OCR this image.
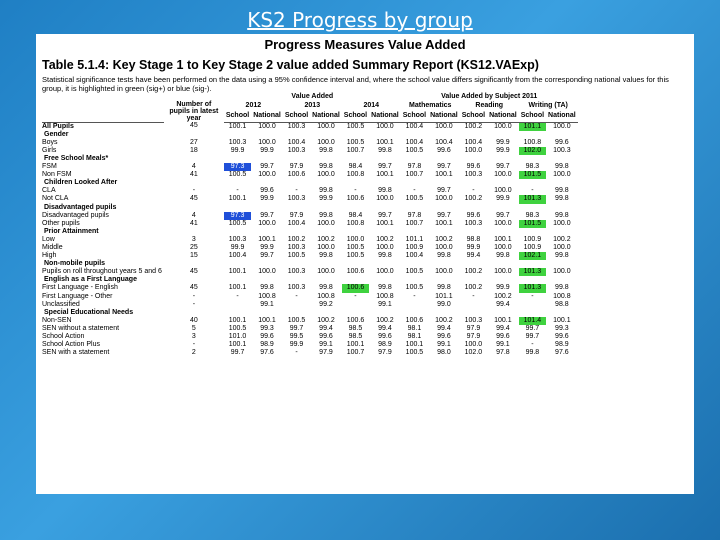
KS2 Progress by group
Progress Measures Value Added
Table 5.1.4: Key Stage 1 to Key Stage 2 value added Summary Report (KS12.VAExp)
Statistical significance tests have been performed on the data using a 95% confidence interval and, where the school value differs significantly from the corresponding national values for this group, it is highlighted in green (sig+) or blue (sig-).
		Value Added						Value Added by Subject 2011					
	Number of pupils in latest year	2012		2013		2014		Mathematics		Reading		Writing (TA)	
		School	National	School	National	School	National	School	National	School	National	School	National
All Pupils	45	100.1	100.0	100.3	100.0	100.5	100.0	100.4	100.0	100.2	100.0	101.1	100.0
Gender													
Boys	27	100.3	100.0	100.4	100.0	100.5	100.1	100.4	100.4	100.4	99.9	100.8	99.6
Girls	18	99.9	99.9	100.3	99.8	100.7	99.8	100.5	99.6	100.0	99.9	102.0	100.3
Free School Meals*													
FSM	4	97.3	99.7	97.9	99.8	98.4	99.7	97.8	99.7	99.6	99.7	98.3	99.8
Non FSM	41	100.5	100.0	100.6	100.0	100.8	100.1	100.7	100.1	100.3	100.0	101.5	100.0
Children Looked After													
CLA	-	-	99.6	-	99.8	-	99.8	-	99.7	-	100.0	-	99.8
Not CLA	45	100.1	99.9	100.3	99.9	100.6	100.0	100.5	100.0	100.2	99.9	101.3	99.8
Disadvantaged pupils													
Disadvantaged pupils	4	97.3	99.7	97.9	99.8	98.4	99.7	97.8	99.7	99.6	99.7	98.3	99.8
Other pupils	41	100.5	100.0	100.4	100.0	100.8	100.1	100.7	100.1	100.3	100.0	101.5	100.0
Prior Attainment													
Low	3	100.3	100.1	100.2	100.2	100.0	100.2	101.1	100.2	98.8	100.1	100.9	100.2
Middle	25	99.9	99.9	100.3	100.0	100.5	100.0	100.9	100.0	99.9	100.0	100.9	100.0
High	15	100.4	99.7	100.5	99.8	100.5	99.8	100.4	99.8	99.4	99.8	102.1	99.8
Non-mobile pupils													
Pupils on roll throughout years 5 and 6	45	100.1	100.0	100.3	100.0	100.6	100.0	100.5	100.0	100.2	100.0	101.3	100.0
English as a First Language													
First Language - English	45	100.1	99.8	100.3	99.8	100.6	99.8	100.5	99.8	100.2	99.9	101.3	99.8
First Language - Other	-	-	100.8	-	100.8	-	100.8	-	101.1	-	100.2	-	100.8
Unclassified	-		99.1		99.2		99.1		99.0		99.4		98.8
Special Educational Needs													
Non-SEN	40	100.1	100.1	100.5	100.2	100.6	100.2	100.6	100.2	100.3	100.1	101.4	100.1
SEN without a statement	5	100.5	99.3	99.7	99.4	98.5	99.4	98.1	99.4	97.9	99.4	99.7	99.3
School Action	3	101.0	99.6	99.5	99.6	98.5	99.6	98.1	99.6	97.9	99.6	99.7	99.6
School Action Plus	-	100.1	98.9	99.9	99.1	100.1	98.9	100.1	99.1	100.0	99.1	-	98.9
SEN with a statement	2	99.7	97.6	-	97.9	100.7	97.9	100.5	98.0	102.0	97.8	99.8	97.6
